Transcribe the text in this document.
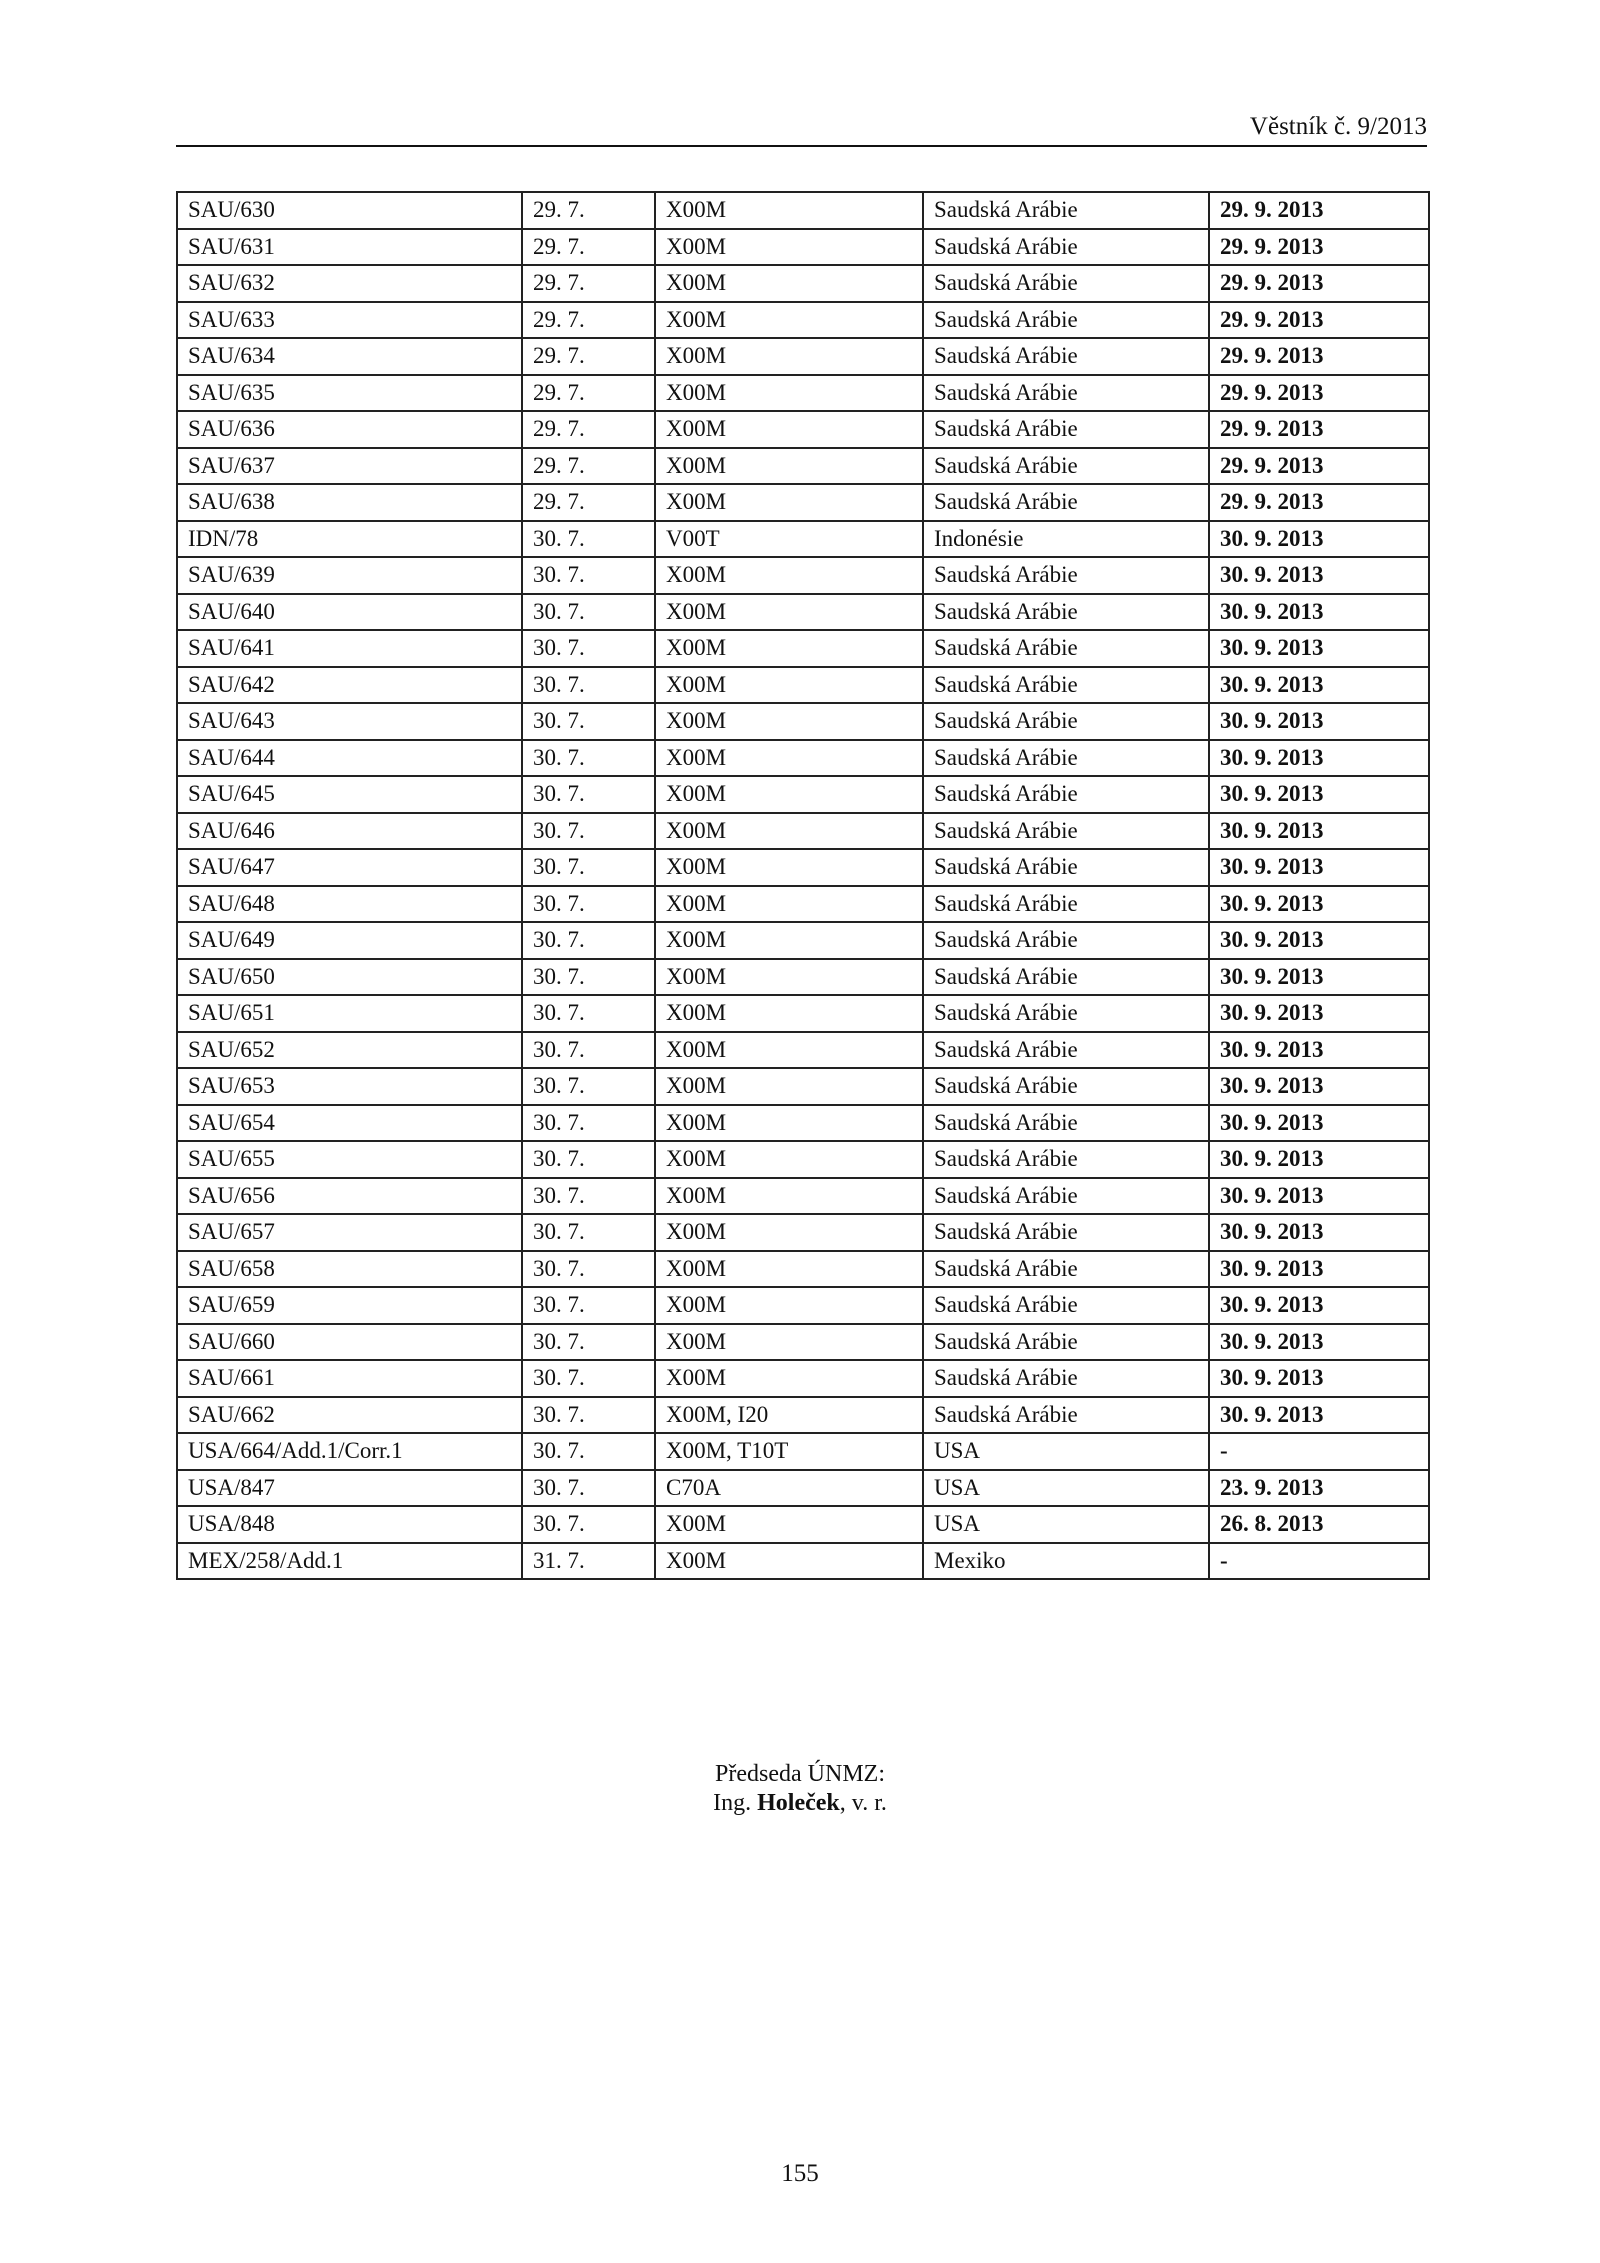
Věstník č. 9/2013
SAU/630	29. 7.	X00M	Saudská Arábie	29. 9. 2013
SAU/631	29. 7.	X00M	Saudská Arábie	29. 9. 2013
SAU/632	29. 7.	X00M	Saudská Arábie	29. 9. 2013
SAU/633	29. 7.	X00M	Saudská Arábie	29. 9. 2013
SAU/634	29. 7.	X00M	Saudská Arábie	29. 9. 2013
SAU/635	29. 7.	X00M	Saudská Arábie	29. 9. 2013
SAU/636	29. 7.	X00M	Saudská Arábie	29. 9. 2013
SAU/637	29. 7.	X00M	Saudská Arábie	29. 9. 2013
SAU/638	29. 7.	X00M	Saudská Arábie	29. 9. 2013
IDN/78	30. 7.	V00T	Indonésie	30. 9. 2013
SAU/639	30. 7.	X00M	Saudská Arábie	30. 9. 2013
SAU/640	30. 7.	X00M	Saudská Arábie	30. 9. 2013
SAU/641	30. 7.	X00M	Saudská Arábie	30. 9. 2013
SAU/642	30. 7.	X00M	Saudská Arábie	30. 9. 2013
SAU/643	30. 7.	X00M	Saudská Arábie	30. 9. 2013
SAU/644	30. 7.	X00M	Saudská Arábie	30. 9. 2013
SAU/645	30. 7.	X00M	Saudská Arábie	30. 9. 2013
SAU/646	30. 7.	X00M	Saudská Arábie	30. 9. 2013
SAU/647	30. 7.	X00M	Saudská Arábie	30. 9. 2013
SAU/648	30. 7.	X00M	Saudská Arábie	30. 9. 2013
SAU/649	30. 7.	X00M	Saudská Arábie	30. 9. 2013
SAU/650	30. 7.	X00M	Saudská Arábie	30. 9. 2013
SAU/651	30. 7.	X00M	Saudská Arábie	30. 9. 2013
SAU/652	30. 7.	X00M	Saudská Arábie	30. 9. 2013
SAU/653	30. 7.	X00M	Saudská Arábie	30. 9. 2013
SAU/654	30. 7.	X00M	Saudská Arábie	30. 9. 2013
SAU/655	30. 7.	X00M	Saudská Arábie	30. 9. 2013
SAU/656	30. 7.	X00M	Saudská Arábie	30. 9. 2013
SAU/657	30. 7.	X00M	Saudská Arábie	30. 9. 2013
SAU/658	30. 7.	X00M	Saudská Arábie	30. 9. 2013
SAU/659	30. 7.	X00M	Saudská Arábie	30. 9. 2013
SAU/660	30. 7.	X00M	Saudská Arábie	30. 9. 2013
SAU/661	30. 7.	X00M	Saudská Arábie	30. 9. 2013
SAU/662	30. 7.	X00M, I20	Saudská Arábie	30. 9. 2013
USA/664/Add.1/Corr.1	30. 7.	X00M, T10T	USA	-
USA/847	30. 7.	C70A	USA	23. 9. 2013
USA/848	30. 7.	X00M	USA	26. 8. 2013
MEX/258/Add.1	31. 7.	X00M	Mexiko	-
Předseda ÚNMZ:
Ing. Holeček, v. r.
155
